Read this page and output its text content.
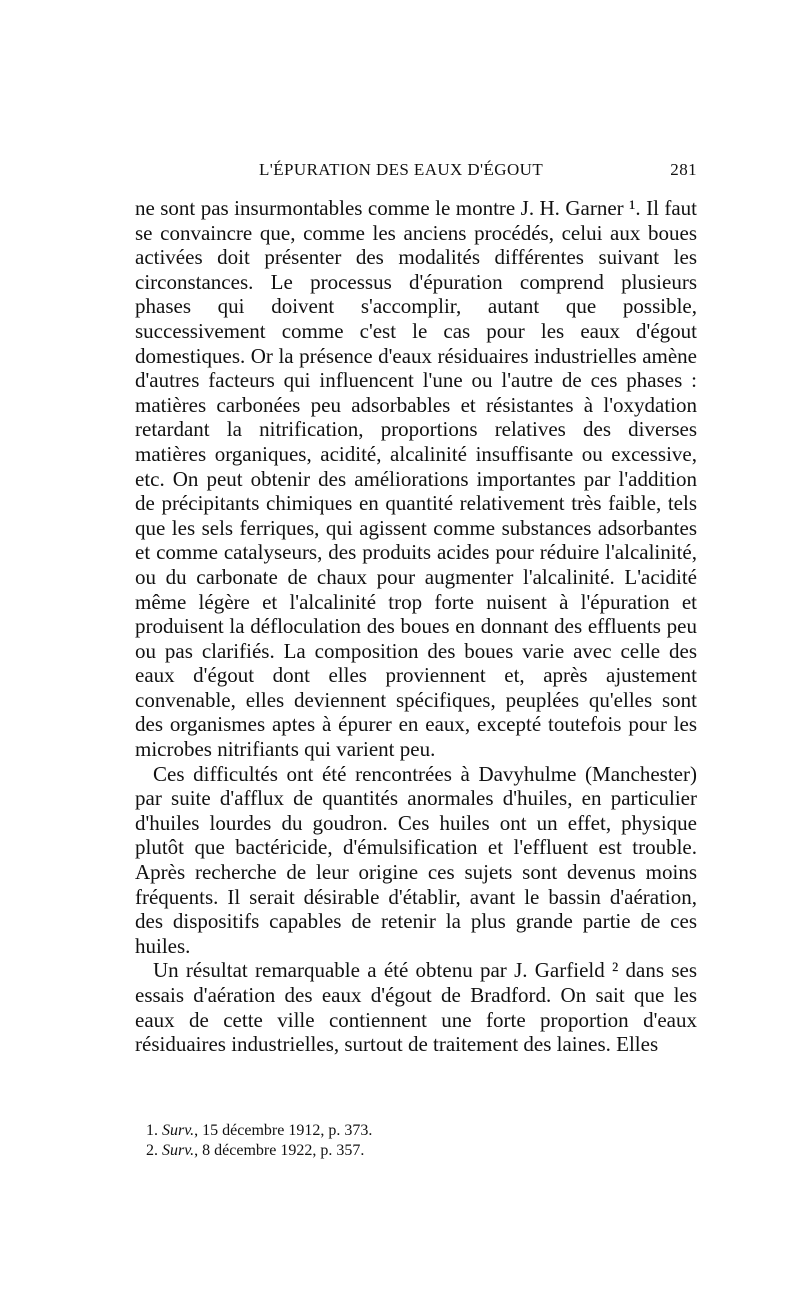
L'ÉPURATION DES EAUX D'ÉGOUT	281

ne sont pas insurmontables comme le montre J. H. Garner ¹. Il faut se convaincre que, comme les anciens procédés, celui aux boues activées doit présenter des modalités différentes suivant les circonstances. Le processus d'épuration comprend plusieurs phases qui doivent s'accomplir, autant que possible, successivement comme c'est le cas pour les eaux d'égout domestiques. Or la présence d'eaux résiduaires industrielles amène d'autres facteurs qui influencent l'une ou l'autre de ces phases : matières carbonées peu adsorbables et résistantes à l'oxydation retardant la nitrification, proportions relatives des diverses matières organiques, acidité, alcalinité insuffisante ou excessive, etc. On peut obtenir des améliorations importantes par l'addition de précipitants chimiques en quantité relativement très faible, tels que les sels ferriques, qui agissent comme substances adsorbantes et comme catalyseurs, des produits acides pour réduire l'alcalinité, ou du carbonate de chaux pour augmenter l'alcalinité. L'acidité même légère et l'alcalinité trop forte nuisent à l'épuration et produisent la défloculation des boues en donnant des effluents peu ou pas clarifiés. La composition des boues varie avec celle des eaux d'égout dont elles proviennent et, après ajustement convenable, elles deviennent spécifiques, peuplées qu'elles sont des organismes aptes à épurer en eaux, excepté toutefois pour les microbes nitrifiants qui varient peu.

Ces difficultés ont été rencontrées à Davyhulme (Manchester) par suite d'afflux de quantités anormales d'huiles, en particulier d'huiles lourdes du goudron. Ces huiles ont un effet, physique plutôt que bactéricide, d'émulsification et l'effluent est trouble. Après recherche de leur origine ces sujets sont devenus moins fréquents. Il serait désirable d'établir, avant le bassin d'aération, des dispositifs capables de retenir la plus grande partie de ces huiles.

Un résultat remarquable a été obtenu par J. Garfield ² dans ses essais d'aération des eaux d'égout de Bradford. On sait que les eaux de cette ville contiennent une forte proportion d'eaux résiduaires industrielles, surtout de traitement des laines. Elles

1. Surv., 15 décembre 1912, p. 373.
2. Surv., 8 décembre 1922, p. 357.
